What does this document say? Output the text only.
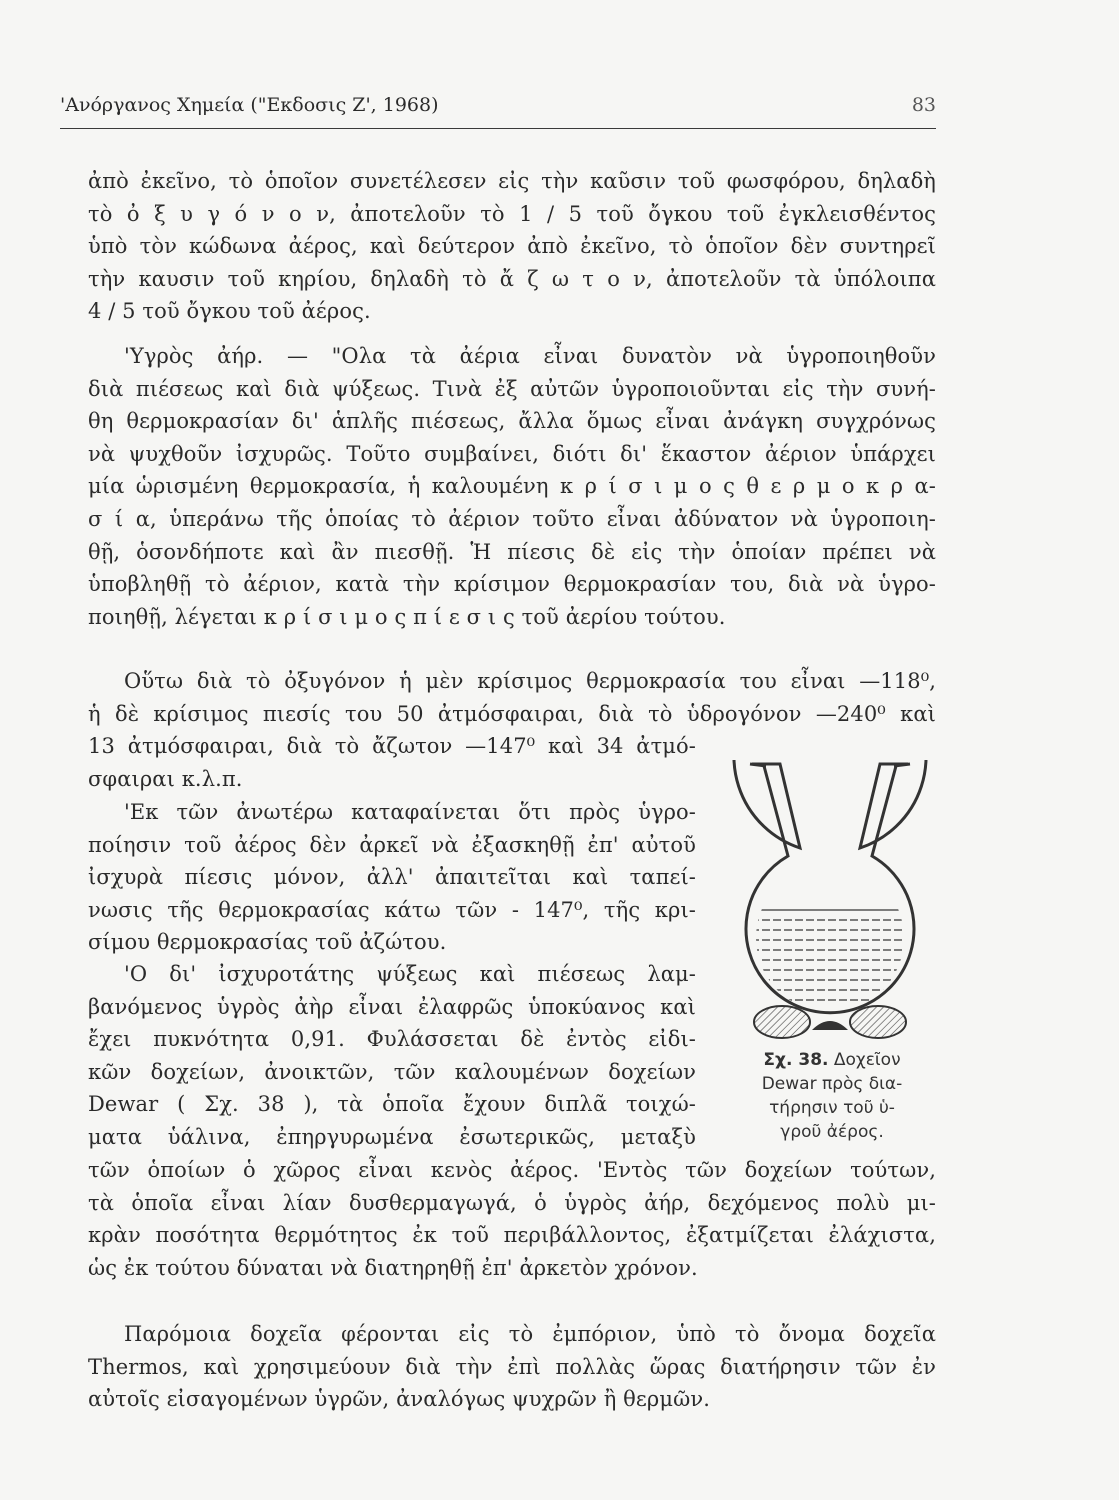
'Ανόργανος Χημεία ("Εκδοσις Ζ', 1968)	83
ἀπὸ ἐκεῖνο, τὸ ὁποῖον συνετέλεσεν εἰς τὴν καῦσιν τοῦ φωσφόρου, δηλαδὴ
τὸ ὀ ξ υ γ ό ν ο ν, ἀποτελοῦν τὸ 1 / 5 τοῦ ὄγκου τοῦ ἐγκλεισθέντος
ὑπὸ τὸν κώδωνα ἀέρος, καὶ δεύτερον ἀπὸ ἐκεῖνο, τὸ ὁποῖον δὲν συντηρεῖ
τὴν καυσιν τοῦ κηρίου, δηλαδὴ τὸ ἄ ζ ω τ ο ν, ἀποτελοῦν τὰ ὑπόλοιπα
4 / 5 τοῦ ὄγκου τοῦ ἀέρος.
'Υγρὸς ἀήρ. — "Ολα τὰ ἀέρια εἶναι δυνατὸν νὰ ὑγροποιηθοῦν
διὰ πιέσεως καὶ διὰ ψύξεως. Τινὰ ἐξ αὐτῶν ὑγροποιοῦνται εἰς τὴν συνή-
θη θερμοκρασίαν δι' ἁπλῆς πιέσεως, ἄλλα ὅμως εἶναι ἀνάγκη συγχρόνως
νὰ ψυχθοῦν ἰσχυρῶς. Τοῦτο συμβαίνει, διότι δι' ἕκαστον ἀέριον ὑπάρχει
μία ὡρισμένη θερμοκρασία, ἡ καλουμένη κ ρ ί σ ι μ ο ς θ ε ρ μ ο κ ρ α-
σ ί α, ὑπεράνω τῆς ὁποίας τὸ ἀέριον τοῦτο εἶναι ἀδύνατον νὰ ὑγροποιη-
θῇ, ὁσονδήποτε καὶ ἂν πιεσθῇ. Ἡ πίεσις δὲ εἰς τὴν ὁποίαν πρέπει νὰ
ὑποβληθῇ τὸ ἀέριον, κατὰ τὴν κρίσιμον θερμοκρασίαν του, διὰ νὰ ὑγρο-
ποιηθῇ, λέγεται κ ρ ί σ ι μ ο ς π ί ε σ ι ς τοῦ ἀερίου τούτου.
Οὕτω διὰ τὸ ὀξυγόνον ἡ μὲν κρίσιμος θερμοκρασία του εἶναι —118⁰,
ἡ δὲ κρίσιμος πιεσίς του 50 ἀτμόσφαιραι, διὰ τὸ ὑδρογόνον —240⁰ καὶ
13 ἀτμόσφαιραι, διὰ τὸ ἄζωτον —147⁰ καὶ 34 ἀτμό-
σφαιραι κ.λ.π.
'Εκ τῶν ἀνωτέρω καταφαίνεται ὅτι πρὸς ὑγρο-
ποίησιν τοῦ ἀέρος δὲν ἀρκεῖ νὰ ἐξασκηθῇ ἐπ' αὐτοῦ
ἰσχυρὰ πίεσις μόνον, ἀλλ' ἀπαιτεῖται καὶ ταπεί-
νωσις τῆς θερμοκρασίας κάτω τῶν - 147⁰, τῆς κρι-
σίμου θερμοκρασίας τοῦ ἀζώτου.
'Ο δι' ἰσχυροτάτης ψύξεως καὶ πιέσεως λαμ-
βανόμενος ὑγρὸς ἀὴρ εἶναι ἐλαφρῶς ὑποκύανος καὶ
ἔχει πυκνότητα 0,91. Φυλάσσεται δὲ ἐντὸς εἰδι-
κῶν δοχείων, ἀνοικτῶν, τῶν καλουμένων δοχείων
Dewar ( Σχ. 38 ), τὰ ὁποῖα ἔχουν διπλᾶ τοιχώ-
ματα ὑάλινα, ἐπηργυρωμένα ἐσωτερικῶς, μεταξὺ
τῶν ὁποίων ὁ χῶρος εἶναι κενὸς ἀέρος. 'Εντὸς τῶν δοχείων τούτων,
τὰ ὁποῖα εἶναι λίαν δυσθερμαγωγά, ὁ ὑγρὸς ἀήρ, δεχόμενος πολὺ μι-
κρὰν ποσότητα θερμότητος ἐκ τοῦ περιβάλλοντος, ἐξατμίζεται ἐλάχιστα,
ὡς ἐκ τούτου δύναται νὰ διατηρηθῇ ἐπ' ἀρκετὸν χρόνον.
Παρόμοια δοχεῖα φέρονται εἰς τὸ ἐμπόριον, ὑπὸ τὸ ὄνομα δοχεῖα
Thermos, καὶ χρησιμεύουν διὰ τὴν ἐπὶ πολλὰς ὥρας διατήρησιν τῶν ἐν
αὐτοῖς εἰσαγομένων ὑγρῶν, ἀναλόγως ψυχρῶν ἢ θερμῶν.
Σχ. 38. Δοχεῖον
Dewar πρὸς δια-
τήρησιν τοῦ ὑ-
γροῦ ἀέρος.
